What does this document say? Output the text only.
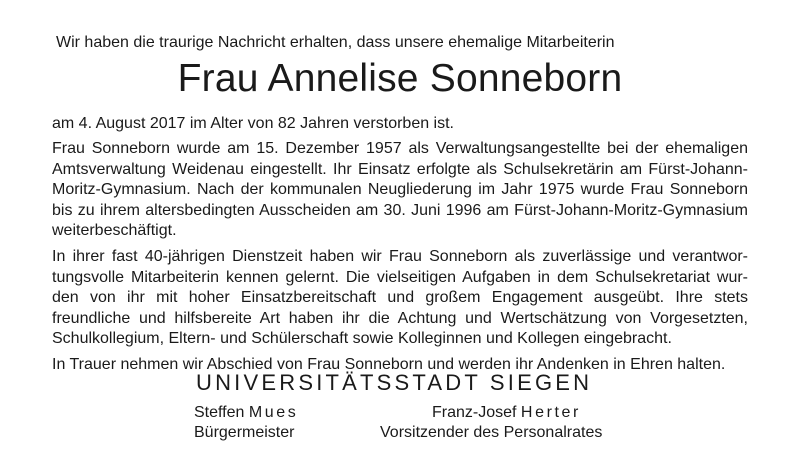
Wir haben die traurige Nachricht erhalten, dass unsere ehemalige Mitarbeiterin
Frau Annelise Sonneborn
am 4. August 2017 im Alter von 82 Jahren verstorben ist.
Frau Sonneborn wurde am 15. Dezember 1957 als Verwaltungsangestellte bei der ehemaligen
Amtsverwaltung Weidenau eingestellt. Ihr Einsatz erfolgte als Schulsekretärin am Fürst-Johann-
Moritz-Gymnasium. Nach der kommunalen Neugliederung im Jahr 1975 wurde Frau Sonneborn
bis zu ihrem altersbedingten Ausscheiden am 30. Juni 1996 am Fürst-Johann-Moritz-Gymnasium
weiterbeschäftigt.
In ihrer fast 40-jährigen Dienstzeit haben wir Frau Sonneborn als zuverlässige und verantwor-
tungsvolle Mitarbeiterin kennen gelernt. Die vielseitigen Aufgaben in dem Schulsekretariat wur-
den von ihr mit hoher Einsatzbereitschaft und großem Engagement ausgeübt. Ihre stets
freundliche und hilfsbereite Art haben ihr die Achtung und Wertschätzung von Vorgesetzten,
Schulkollegium, Eltern- und Schülerschaft sowie Kolleginnen und Kollegen eingebracht.
In Trauer nehmen wir Abschied von Frau Sonneborn und werden ihr Andenken in Ehren halten.
UNIVERSITÄTSSTADT SIEGEN
Steffen Mues
Bürgermeister
Franz-Josef Herter
Vorsitzender des Personalrates
